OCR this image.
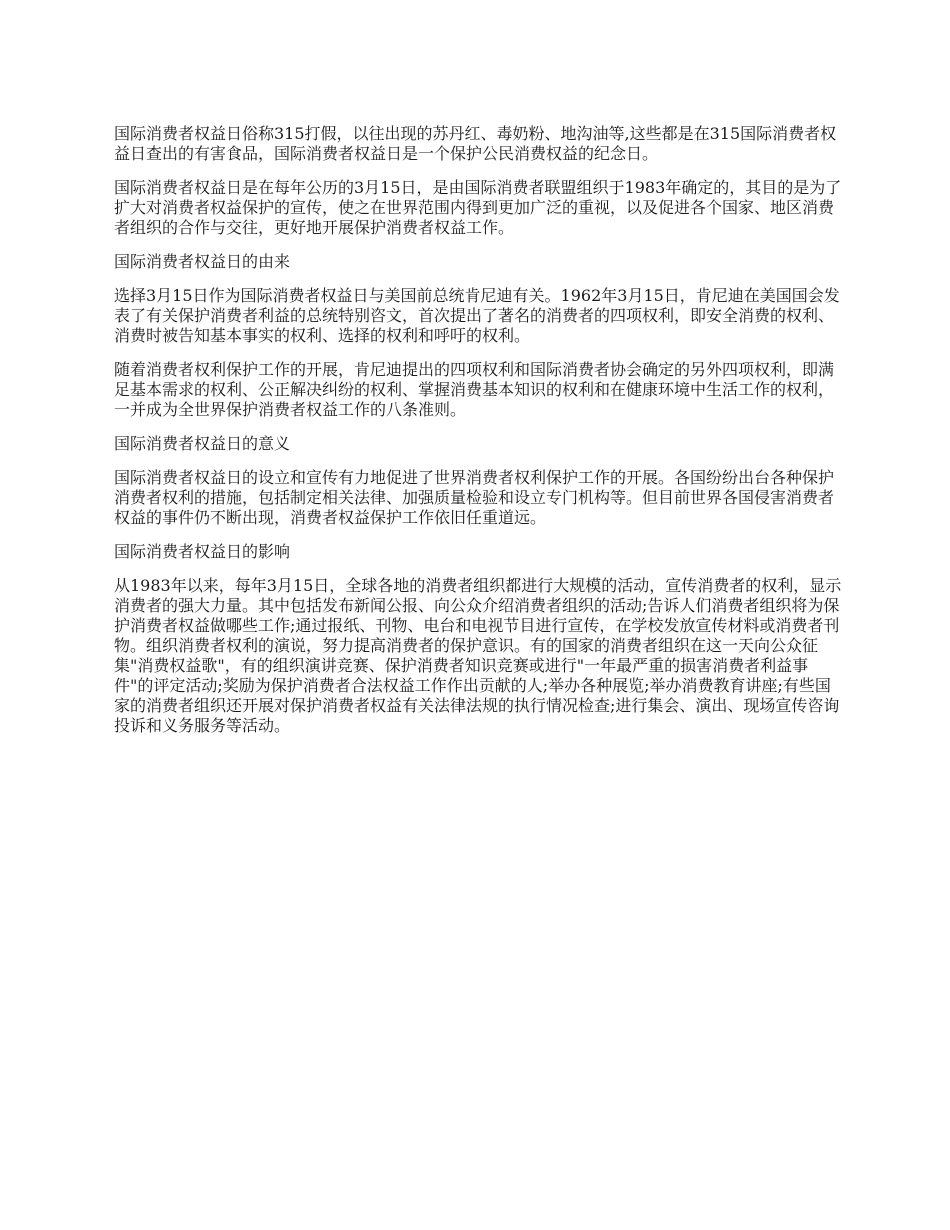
国际消费者权益日俗称315打假，以往出现的苏丹红、毒奶粉、地沟油等,这些都是在315国际消费者权益日查出的有害食品，国际消费者权益日是一个保护公民消费权益的纪念日。

国际消费者权益日是在每年公历的3月15日，是由国际消费者联盟组织于1983年确定的，其目的是为了扩大对消费者权益保护的宣传，使之在世界范围内得到更加广泛的重视，以及促进各个国家、地区消费者组织的合作与交往，更好地开展保护消费者权益工作。

国际消费者权益日的由来

选择3月15日作为国际消费者权益日与美国前总统肯尼迪有关。1962年3月15日，肯尼迪在美国国会发表了有关保护消费者利益的总统特别咨文，首次提出了著名的消费者的四项权利，即安全消费的权利、消费时被告知基本事实的权利、选择的权利和呼吁的权利。

随着消费者权利保护工作的开展，肯尼迪提出的四项权利和国际消费者协会确定的另外四项权利，即满足基本需求的权利、公正解决纠纷的权利、掌握消费基本知识的权利和在健康环境中生活工作的权利，一并成为全世界保护消费者权益工作的八条准则。

国际消费者权益日的意义

国际消费者权益日的设立和宣传有力地促进了世界消费者权利保护工作的开展。各国纷纷出台各种保护消费者权利的措施，包括制定相关法律、加强质量检验和设立专门机构等。但目前世界各国侵害消费者权益的事件仍不断出现，消费者权益保护工作依旧任重道远。

国际消费者权益日的影响

从1983年以来，每年3月15日，全球各地的消费者组织都进行大规模的活动，宣传消费者的权利，显示消费者的强大力量。其中包括发布新闻公报、向公众介绍消费者组织的活动;告诉人们消费者组织将为保护消费者权益做哪些工作;通过报纸、刊物、电台和电视节目进行宣传，在学校发放宣传材料或消费者刊物。组织消费者权利的演说，努力提高消费者的保护意识。有的国家的消费者组织在这一天向公众征集"消费权益歌"，有的组织演讲竞赛、保护消费者知识竞赛或进行"一年最严重的损害消费者利益事件"的评定活动;奖励为保护消费者合法权益工作作出贡献的人;举办各种展览;举办消费教育讲座;有些国家的消费者组织还开展对保护消费者权益有关法律法规的执行情况检查;进行集会、演出、现场宣传咨询投诉和义务服务等活动。
